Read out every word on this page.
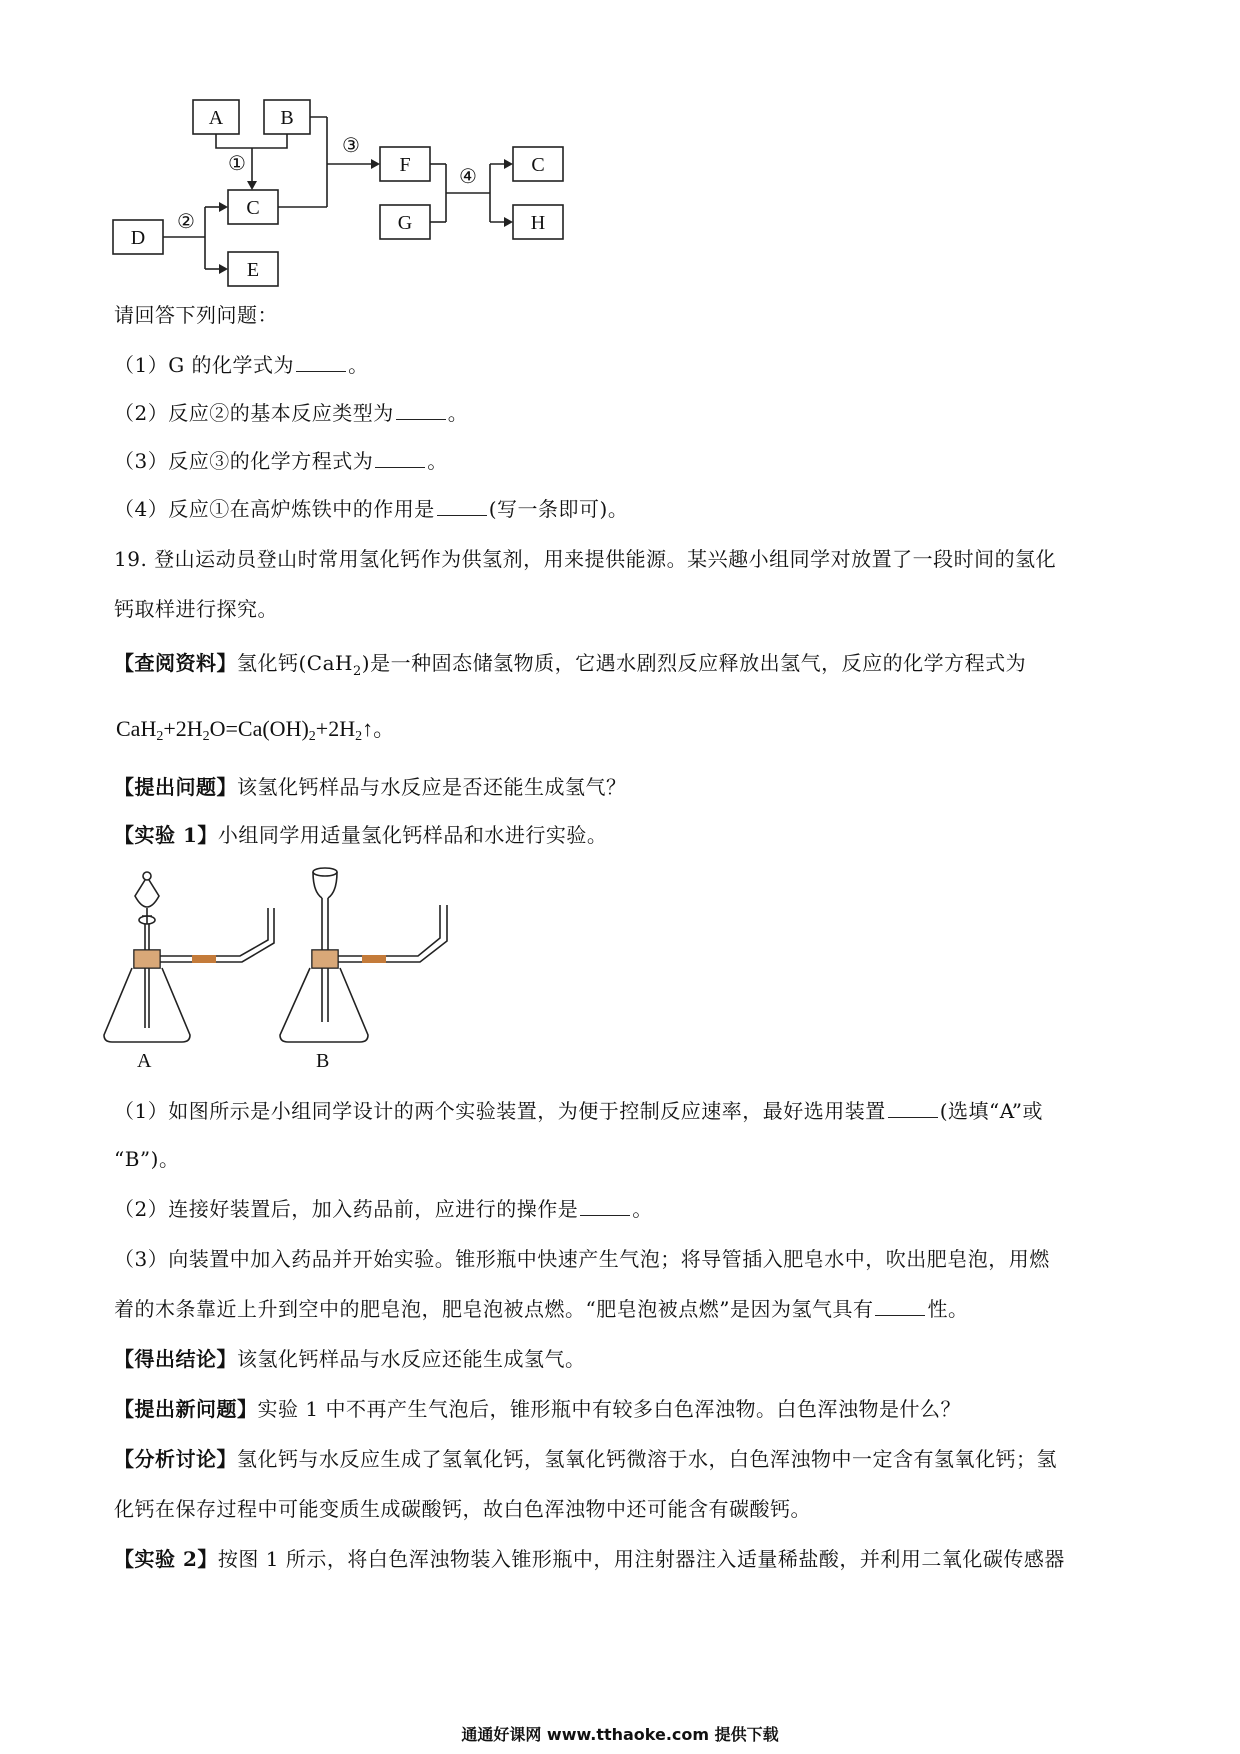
A	B
C
D
E
F
G
C
H
①
②
③
④
请回答下列问题：
（1）G 的化学式为	。
（2）反应②的基本反应类型为	。
（3）反应③的化学方程式为	。
（4）反应①在高炉炼铁中的作用是	(写一条即可)。
19. 登山运动员登山时常用氢化钙作为供氢剂，用来提供能源。某兴趣小组同学对放置了一段时间的氢化
钙取样进行探究。
【查阅资料】氢化钙(CaH$_2$)是一种固态储氢物质，它遇水剧烈反应释放出氢气，反应的化学方程式为
$CaH_2+2H_2O=Ca(OH)_2+2H_2↑$。
【提出问题】该氢化钙样品与水反应是否还能生成氢气？
【实验 1】小组同学用适量氢化钙样品和水进行实验。
A	B
（1）如图所示是小组同学设计的两个实验装置，为便于控制反应速率，最好选用装置	(选填“A”或
“B”)。
（2）连接好装置后，加入药品前，应进行的操作是	。
（3）向装置中加入药品并开始实验。锥形瓶中快速产生气泡；将导管插入肥皂水中，吹出肥皂泡，用燃
着的木条靠近上升到空中的肥皂泡，肥皂泡被点燃。“肥皂泡被点燃”是因为氢气具有	性。
【得出结论】该氢化钙样品与水反应还能生成氢气。
【提出新问题】实验 1 中不再产生气泡后，锥形瓶中有较多白色浑浊物。白色浑浊物是什么？
【分析讨论】氢化钙与水反应生成了氢氧化钙，氢氧化钙微溶于水，白色浑浊物中一定含有氢氧化钙；氢
化钙在保存过程中可能变质生成碳酸钙，故白色浑浊物中还可能含有碳酸钙。
【实验 2】按图 1 所示，将白色浑浊物装入锥形瓶中，用注射器注入适量稀盐酸，并利用二氧化碳传感器
通通好课网 www.tthaoke.com 提供下载
